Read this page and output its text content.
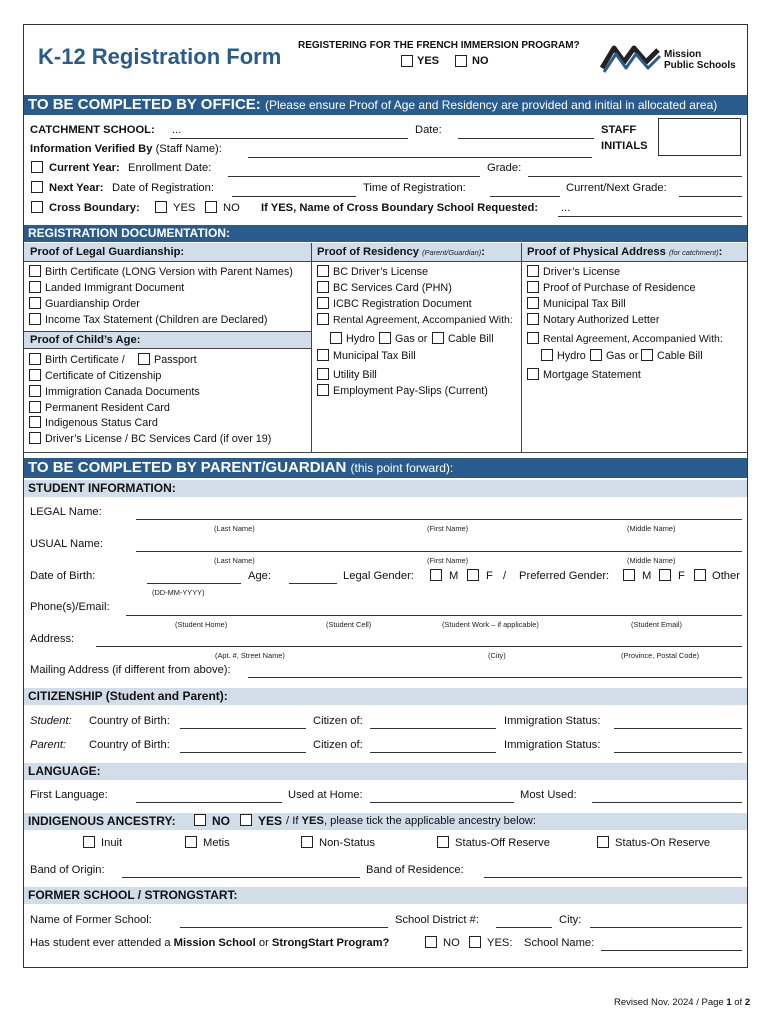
K-12 Registration Form REGISTERING FOR THE FRENCH IMMERSION PROGRAM?
YES	NO
Mission
Public Schools
TO BE COMPLETED BY OFFICE: (Please ensure Proof of Age and Residency are provided and initial in allocated area)
CATCHMENT SCHOOL: ...	Date:	STAFF
INITIALS
Information Verified By (Staff Name):
Current Year: Enrollment Date:	Grade:
Next Year: Date of Registration:	Time of Registration:	Current/Next Grade:
Cross Boundary:	YES NO If YES, Name of Cross Boundary School Requested: ...
REGISTRATION DOCUMENTATION:
Proof of Legal Guardianship:	Proof of Residency (Parent/Guardian):	Proof of Physical Address (for catchment):
Birth Certificate (LONG Version with Parent Names)
Landed Immigrant Document
Guardianship Order
Income Tax Statement (Children are Declared)
Proof of Child’s Age:
Birth Certificate /	Passport
Certificate of Citizenship
Immigration Canada Documents
Permanent Resident Card
Indigenous Status Card
Driver’s License / BC Services Card (if over 19)
BC Driver’s License
BC Services Card (PHN)
ICBC Registration Document
Rental Agreement, Accompanied With:
Hydro Gas or Cable Bill
Municipal Tax Bill
Utility Bill
Employment Pay-Slips (Current)
Driver’s License
Proof of Purchase of Residence
Municipal Tax Bill
Notary Authorized Letter
Rental Agreement, Accompanied With:
Hydro Gas or Cable Bill
Mortgage Statement
TO BE COMPLETED BY PARENT/GUARDIAN (this point forward):
STUDENT INFORMATION:
LEGAL Name:
(Last Name)	(First Name)	(Middle Name)
USUAL Name:
(Last Name)	(First Name)	(Middle Name)
Date of Birth:
(DD-MM-YYYY)
Age:	Legal Gender:	M F / Preferred Gender:	M F Other
Phone(s)/Email:
(Student Home)	(Student Cell)	(Student Work – if applicable)	(Student Email)
Address:
(Apt. #, Street Name)	(City)	(Province, Postal Code)
Mailing Address (if different from above):
CITIZENSHIP (Student and Parent):
Student: Country of Birth:	Citizen of:	Immigration Status:
Parent: Country of Birth:	Citizen of:	Immigration Status:
LANGUAGE:
First Language:	Used at Home:	Most Used:
INDIGENOUS ANCESTRY:	NO YES / If YES, please tick the applicable ancestry below:
Inuit	Metis	Non-Status	Status-Off Reserve	Status-On Reserve
Band of Origin:	Band of Residence:
FORMER SCHOOL / STRONGSTART:
Name of Former School:	School District #:	City:
Has student ever attended a Mission School or StrongStart Program?	NO YES: School Name:
Revised Nov. 2024 / Page 1 of 2
